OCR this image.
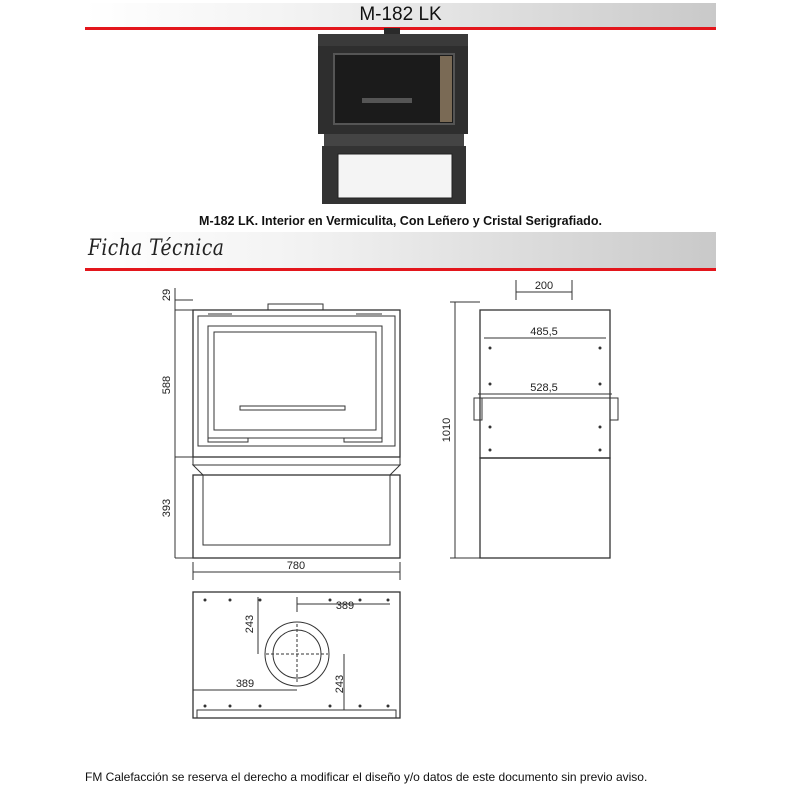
M-182 LK
M-182 LK. Interior en Vermiculita, Con Leñero y Cristal Serigrafiado.
Ficha Técnica
29
588
393
780
200
485,5
528,5
1010
389
243
389	243
FM Calefacción se reserva el derecho a modificar el diseño y/o datos de este documento sin previo aviso.
